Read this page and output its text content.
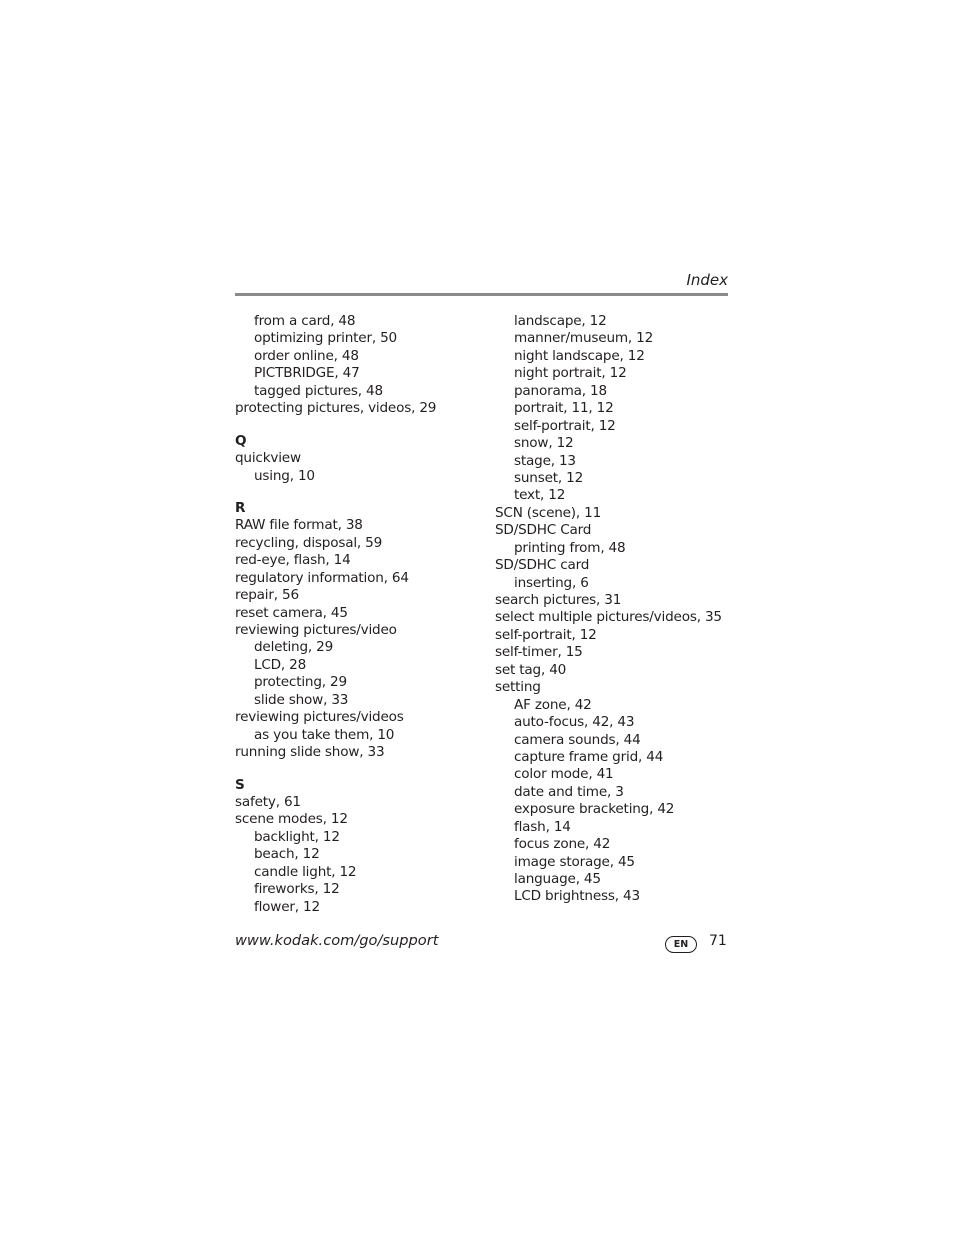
Index
from a card, 48
optimizing printer, 50
order online, 48
PICTBRIDGE, 47
tagged pictures, 48
protecting pictures, videos, 29
Q
quickview
using, 10
R
RAW file format, 38
recycling, disposal, 59
red-eye, flash, 14
regulatory information, 64
repair, 56
reset camera, 45
reviewing pictures/video
deleting, 29
LCD, 28
protecting, 29
slide show, 33
reviewing pictures/videos
as you take them, 10
running slide show, 33
S
safety, 61
scene modes, 12
backlight, 12
beach, 12
candle light, 12
fireworks, 12
flower, 12
landscape, 12
manner/museum, 12
night landscape, 12
night portrait, 12
panorama, 18
portrait, 11, 12
self-portrait, 12
snow, 12
stage, 13
sunset, 12
text, 12
SCN (scene), 11
SD/SDHC Card
printing from, 48
SD/SDHC card
inserting, 6
search pictures, 31
select multiple pictures/videos, 35
self-portrait, 12
self-timer, 15
set tag, 40
setting
AF zone, 42
auto-focus, 42, 43
camera sounds, 44
capture frame grid, 44
color mode, 41
date and time, 3
exposure bracketing, 42
flash, 14
focus zone, 42
image storage, 45
language, 45
LCD brightness, 43
www.kodak.com/go/support	EN	71
